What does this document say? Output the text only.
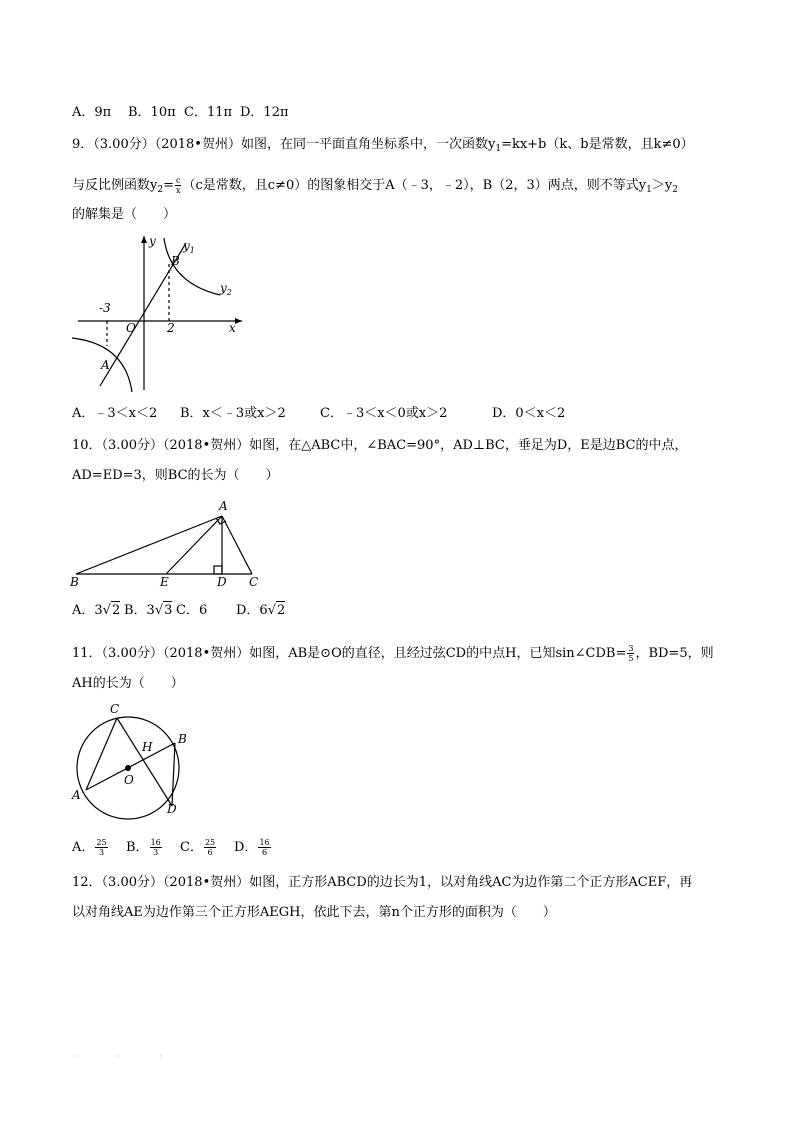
A．9π B．10π C．11π D．12π
9．（3.00分）（2018•贺州）如图，在同一平面直角坐标系中，一次函数$y_1=kx+b(k$、b是常数，且k≠0）
与反比例函数$y_2= \frac{c}{x} (c$是常数，且c≠0）的图象相交于A（﹣3，﹣2），B（2，3）两点，则不等式$y_1>y_2$
的解集是（　　）
y $y_1$
$y_2$
B
A
O	x
-3
2
A．﹣3＜x＜2 B．x＜﹣3或x＞2	C．﹣3＜x＜0或x＞2	D．0＜x＜2
10．（3.00分）（2018•贺州）如图，在△ABC中，∠BAC=90°，AD⊥BC，垂足为D，E是边BC的中点，
AD=ED=3，则BC的长为（　　）
A
B	E	D C
A．3√2 B．3√3 C．6 D．6√2
11．（3.00分）（2018•贺州）如图，AB是⊙O的直径，且经过弦CD的中点H，已知sin∠CDB= $\frac{3}{5}$ ，BD=5，则
AH的长为（　　）
C
H
B
A
O
D
A． $\frac{25}{3}$ B． $\frac{16}{3}$ C． $\frac{25}{6}$ D． $\frac{16}{6}$
12．（3.00分）（2018•贺州）如图，正方形ABCD的边长为1，以对角线AC为边作第二个正方形ACEF，再
以对角线AE为边作第三个正方形AEGH，依此下去，第n个正方形的面积为（　　）
···
